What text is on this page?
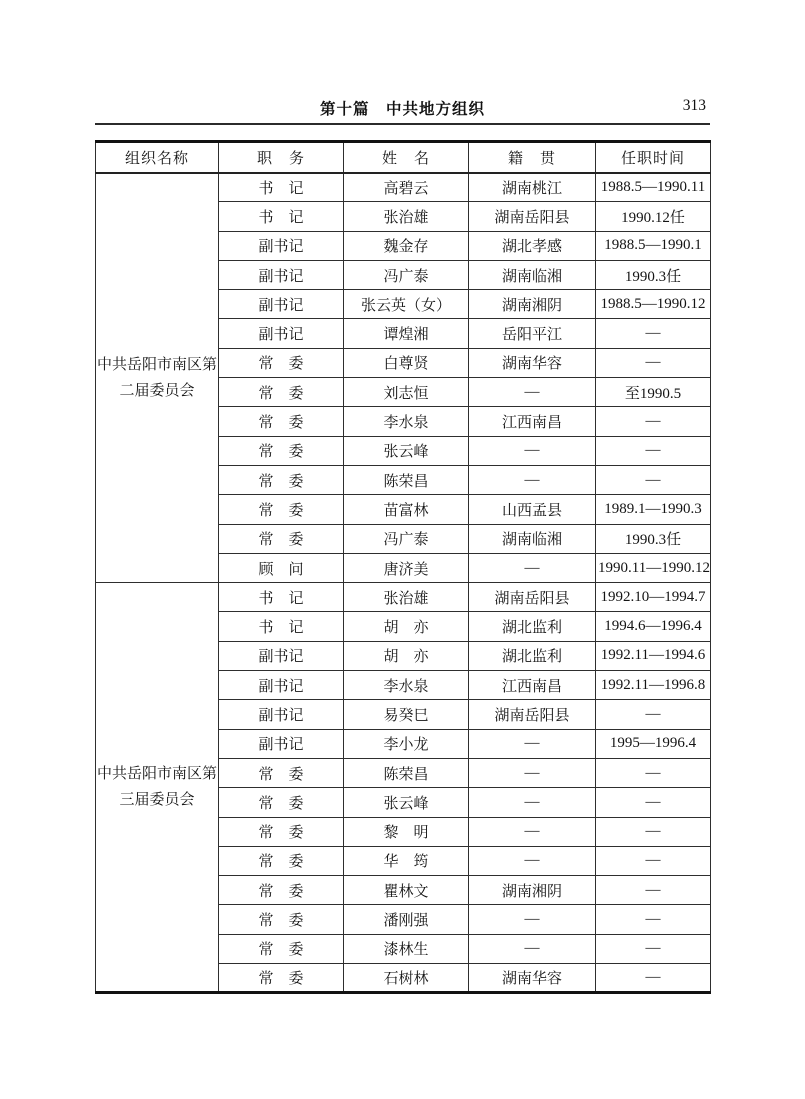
第十篇　中共地方组织	313
组织名称	职　务	姓　名	籍　贯	任职时间

中共岳阳市南区第
二届委员会	书　记	高碧云	湖南桃江	1988.5—1990.11
	书　记	张治雄	湖南岳阳县	1990.12任
	副书记	魏金存	湖北孝感	1988.5—1990.1
	副书记	冯广泰	湖南临湘	1990.3任
	副书记	张云英（女）	湖南湘阴	1988.5—1990.12
	副书记	谭煌湘	岳阳平江	—
	常　委	白尊贤	湖南华容	—
	常　委	刘志恒	—	至1990.5
	常　委	李水泉	江西南昌	—
	常　委	张云峰	—	—
	常　委	陈荣昌	—	—
	常　委	苗富林	山西孟县	1989.1—1990.3
	常　委	冯广泰	湖南临湘	1990.3任
	顾　问	唐济美	—	1990.11—1990.12

中共岳阳市南区第
三届委员会	书　记	张治雄	湖南岳阳县	1992.10—1994.7
	书　记	胡　亦	湖北监利	1994.6—1996.4
	副书记	胡　亦	湖北监利	1992.11—1994.6
	副书记	李水泉	江西南昌	1992.11—1996.8
	副书记	易癸巳	湖南岳阳县	—
	副书记	李小龙	—	1995—1996.4
	常　委	陈荣昌	—	—
	常　委	张云峰	—	—
	常　委	黎　明	—	—
	常　委	华　筠	—	—
	常　委	瞿林文	湖南湘阴	—
	常　委	潘刚强	—	—
	常　委	漆林生	—	—
	常　委	石树林	湖南华容	—
